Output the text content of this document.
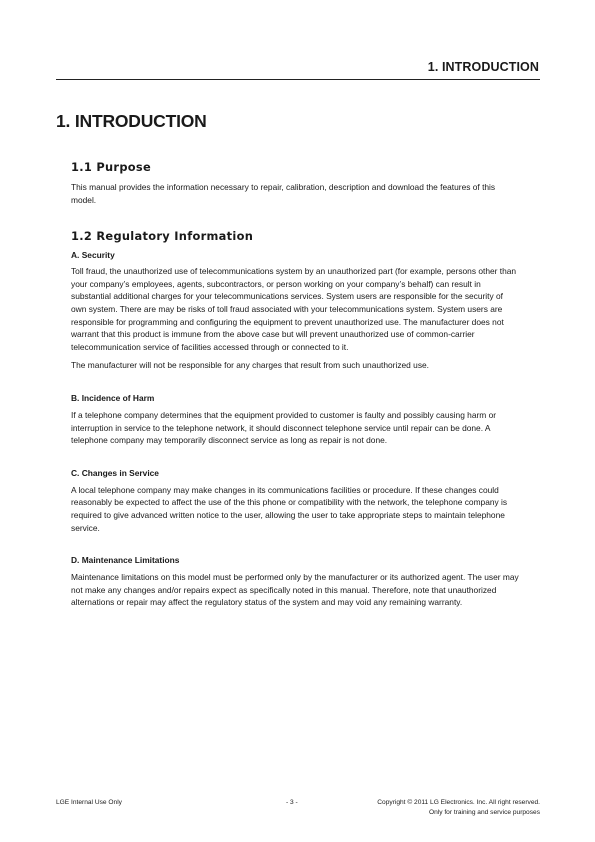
1. INTRODUCTION
1. INTRODUCTION
1.1 Purpose

This manual provides the information necessary to repair, calibration, description and download the features of this model.

1.2 Regulatory Information
A. Security

Toll fraud, the unauthorized use of telecommunications system by an unauthorized part (for example, persons other than your company’s employees, agents, subcontractors, or person working on your company’s behalf) can result in substantial additional charges for your telecommunications services. System users are responsible for the security of own system. There are may be risks of toll fraud associated with your telecommunications system. System users are responsible for programming and configuring the equipment to prevent unauthorized use. The manufacturer does not warrant that this product is immune from the above case but will prevent unauthorized use of common-carrier telecommunication service of facilities accessed through or connected to it.

The manufacturer will not be responsible for any charges that result from such unauthorized use.

B. Incidence of Harm

If a telephone company determines that the equipment provided to customer is faulty and possibly causing harm or interruption in service to the telephone network, it should disconnect telephone service until repair can be done. A telephone company may temporarily disconnect service as long as repair is not done.

C. Changes in Service

A local telephone company may make changes in its communications facilities or procedure. If these changes could reasonably be expected to affect the use of the this phone or compatibility with the network, the telephone company is required to give advanced written notice to the user, allowing the user to take appropriate steps to maintain telephone service.

D. Maintenance Limitations

Maintenance limitations on this model must be performed only by the manufacturer or its authorized agent. The user may not make any changes and/or repairs expect as specifically noted in this manual. Therefore, note that unauthorized alternations or repair may affect the regulatory status of the system and may void any remaining warranty.

LGE Internal Use Only	- 3 -	Copyright © 2011 LG Electronics. Inc. All right reserved.
Only for training and service purposes
